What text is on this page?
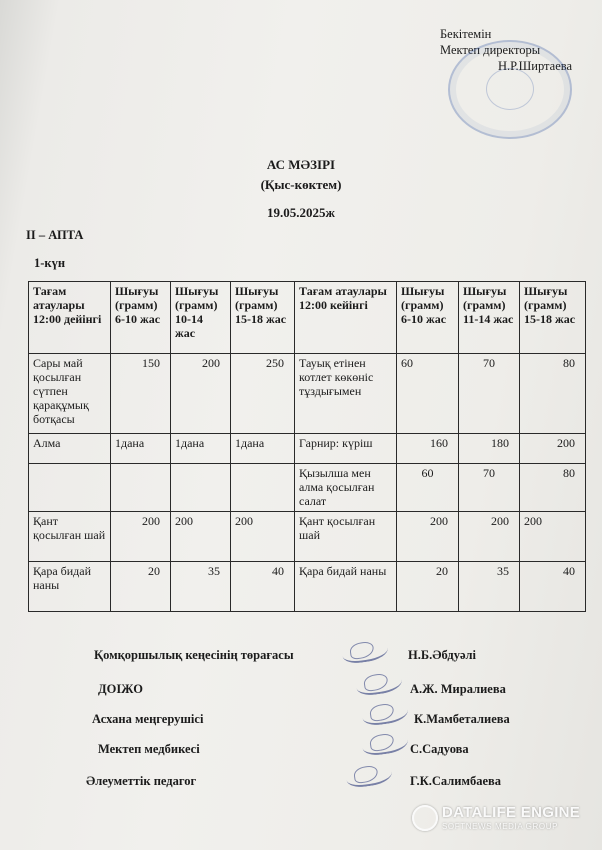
Бекітемін
Мектеп директоры
Н.Р.Ширтаева
АС МӘЗІРІ
(Қыс-көктем)
19.05.2025ж
II – АПТА
1-күн
Тағам атаулары 12:00 дейінгі	Шығуы (грамм) 6-10 жас	Шығуы (грамм) 10-14 жас	Шығуы (грамм) 15-18 жас	Тағам атаулары 12:00 кейінгі	Шығуы (грамм) 6-10 жас	Шығуы (грамм) 11-14 жас	Шығуы (грамм) 15-18 жас
Сары май қосылған сүтпен қарақұмық ботқасы	150	200	250	Тауық етінен котлет көкөніс тұздығымен	60	70	80
Алма	1дана	1дана	1дана	Гарнир: күріш	160	180	200
				Қызылша мен алма қосылған салат	60	70	80
Қант қосылған шай	200	200	200	Қант қосылған шай	200	200	200
Қара бидай наны	20	35	40	Қара бидай наны	20	35	40
Қомқоршылық кеңесінің төрағасы	Н.Б.Әбдуәлі
ДОІЖО	А.Ж. Миралиева
Асхана меңгерушісі	К.Мамбеталиева
Мектеп медбикесі	С.Садуова
Әлеуметтік педагог	Г.К.Салимбаева
DATALIFE ENGINE
SOFTNEWS MEDIA GROUP
